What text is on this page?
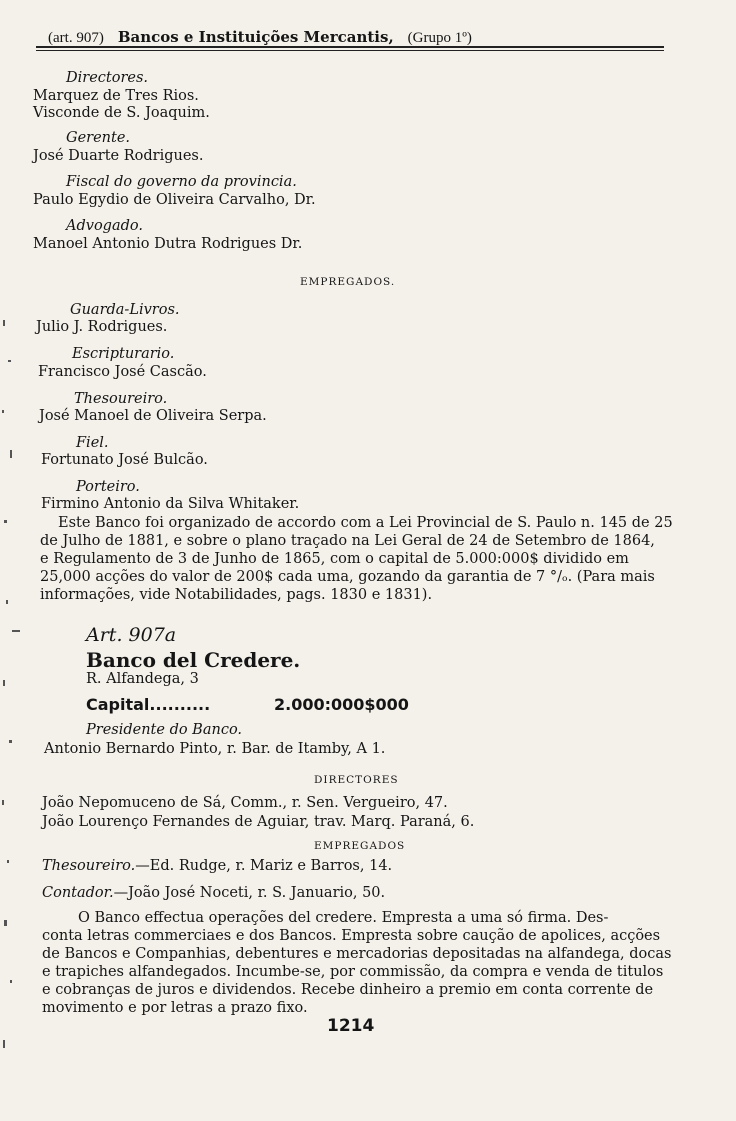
(art. 907) Bancos e Instituições Mercantis, (Grupo 1º)
Directores.
Marquez de Tres Rios.
Visconde de S. Joaquim.
Gerente.
José Duarte Rodrigues.
Fiscal do governo da provincia.
Paulo Egydio de Oliveira Carvalho, Dr.
Advogado.
Manoel Antonio Dutra Rodrigues Dr.
EMPREGADOS.
Guarda-Livros.
Julio J. Rodrigues.
Escripturario.
Francisco José Cascão.
Thesoureiro.
José Manoel de Oliveira Serpa.
Fiel.
Fortunato José Bulcão.
Porteiro.
Firmino Antonio da Silva Whitaker.
Este Banco foi organizado de accordo com a Lei Provincial de S. Paulo n. 145 de 25
de Julho de 1881, e sobre o plano traçado na Lei Geral de 24 de Setembro de 1864,
e Regulamento de 3 de Junho de 1865, com o capital de 5.000:000$ dividido em
25,000 acções do valor de 200$ cada uma, gozando da garantia de 7 °/ₒ. (Para mais
informações, vide Notabilidades, pags. 1830 e 1831).
Art. 907a
Banco del Credere.
R. Alfandega, 3
Capital..........	2.000:000$000
Presidente do Banco.
Antonio Bernardo Pinto, r. Bar. de Itamby, A 1.
DIRECTORES
João Nepomuceno de Sá, Comm., r. Sen. Vergueiro, 47.
João Lourenço Fernandes de Aguiar, trav. Marq. Paraná, 6.
EMPREGADOS
Thesoureiro.—Ed. Rudge, r. Mariz e Barros, 14.
Contador.—João José Noceti, r. S. Januario, 50.
O Banco effectua operações del credere. Empresta a uma só firma. Des-
conta letras commerciaes e dos Bancos. Empresta sobre caução de apolices, acções
de Bancos e Companhias, debentures e mercadorias depositadas na alfandega, docas
e trapiches alfandegados. Incumbe-se, por commissão, da compra e venda de titulos
e cobranças de juros e dividendos. Recebe dinheiro a premio em conta corrente de
movimento e por letras a prazo fixo.
1214
